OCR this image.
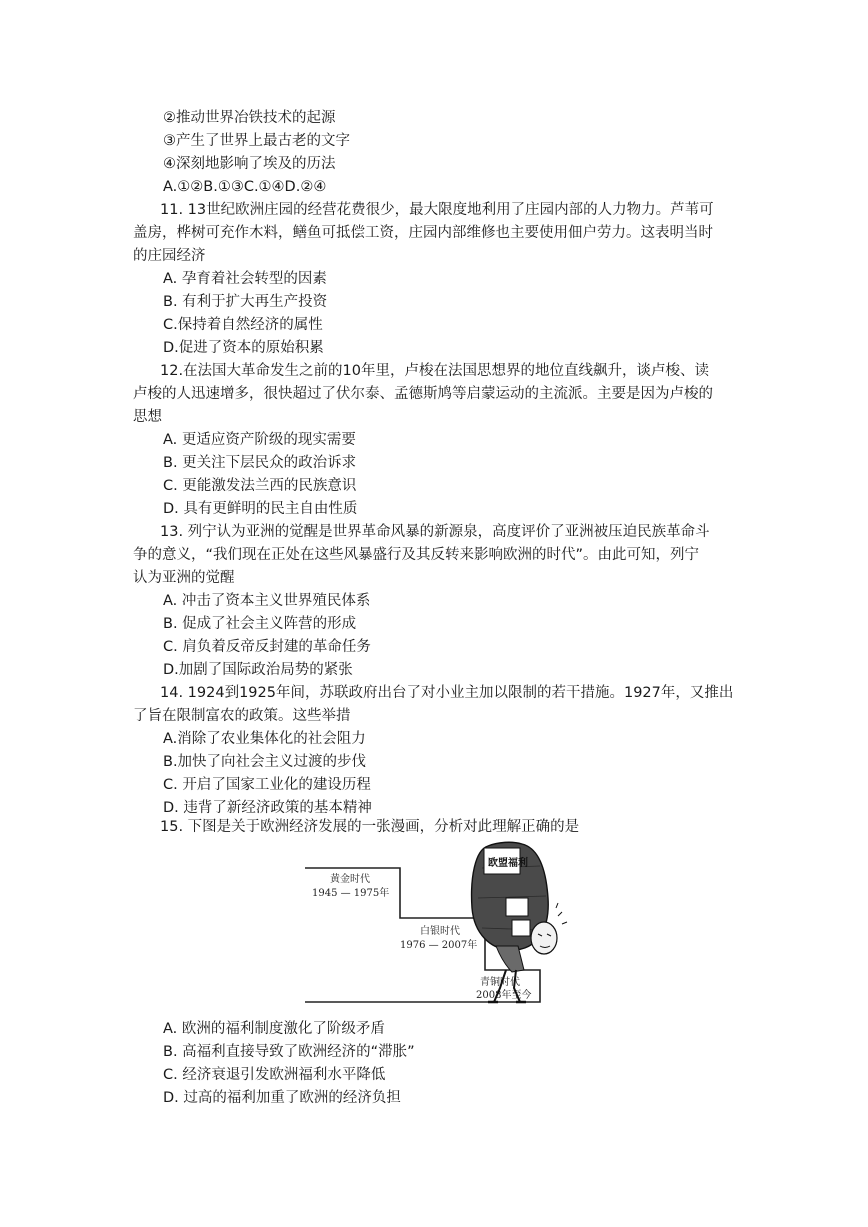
②推动世界冶铁技术的起源
③产生了世界上最古老的文字
④深刻地影响了埃及的历法
A.①②B.①③C.①④D.②④
11. 13世纪欧洲庄园的经营花费很少，最大限度地利用了庄园内部的人力物力。芦苇可
盖房，桦树可充作木料，鳝鱼可抵偿工资，庄园内部维修也主要使用佃户劳力。这表明当时
的庄园经济
A. 孕育着社会转型的因素
B. 有利于扩大再生产投资
C.保持着自然经济的属性
D.促进了资本的原始积累
12.在法国大革命发生之前的10年里，卢梭在法国思想界的地位直线飙升，谈卢梭、读
卢梭的人迅速增多，很快超过了伏尔泰、孟德斯鸠等启蒙运动的主流派。主要是因为卢梭的
思想
A. 更适应资产阶级的现实需要
B. 更关注下层民众的政治诉求
C. 更能激发法兰西的民族意识
D. 具有更鲜明的民主自由性质
13. 列宁认为亚洲的觉醒是世界革命风暴的新源泉，高度评价了亚洲被压迫民族革命斗
争的意义，“我们现在正处在这些风暴盛行及其反转来影响欧洲的时代”。由此可知，列宁
认为亚洲的觉醒
A. 冲击了资本主义世界殖民体系
B. 促成了社会主义阵营的形成
C. 肩负着反帝反封建的革命任务
D.加剧了国际政治局势的紧张
14. 1924到1925年间，苏联政府出台了对小业主加以限制的若干措施。1927年，又推出
了旨在限制富农的政策。这些举措
A.消除了农业集体化的社会阻力
B.加快了向社会主义过渡的步伐
C. 开启了国家工业化的建设历程
D. 违背了新经济政策的基本精神
15. 下图是关于欧洲经济发展的一张漫画，分析对此理解正确的是
黄金时代
1945 — 1975年
白银时代
1976 — 2007年
青铜时代
2008年至今
欧盟福利
A. 欧洲的福利制度激化了阶级矛盾
B. 高福利直接导致了欧洲经济的“滞胀”
C. 经济衰退引发欧洲福利水平降低
D. 过高的福利加重了欧洲的经济负担
